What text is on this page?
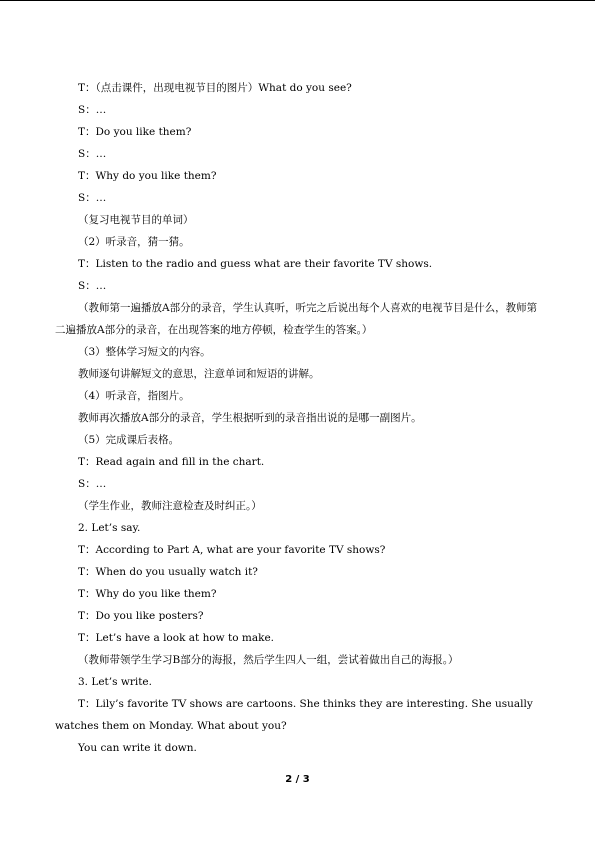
T：（点击课件，出现电视节目的图片）What do you see?
S：…
T：Do you like them?
S：…
T：Why do you like them?
S：…
（复习电视节目的单词）
（2）听录音，猜一猜。
T：Listen to the radio and guess what are their favorite TV shows.
S：…
（教师第一遍播放A部分的录音，学生认真听，听完之后说出每个人喜欢的电视节目是什么，教师第二遍播放A部分的录音，在出现答案的地方停顿，检查学生的答案。）
（3）整体学习短文的内容。
教师逐句讲解短文的意思，注意单词和短语的讲解。
（4）听录音，指图片。
教师再次播放A部分的录音，学生根据听到的录音指出说的是哪一副图片。
（5）完成课后表格。
T：Read again and fill in the chart.
S：…
（学生作业，教师注意检查及时纠正。）
2. Let’s say.
T：According to Part A, what are your favorite TV shows?
T：When do you usually watch it?
T：Why do you like them?
T：Do you like posters?
T：Let’s have a look at how to make.
（教师带领学生学习B部分的海报，然后学生四人一组，尝试着做出自己的海报。）
3. Let’s write.
T：Lily’s favorite TV shows are cartoons. She thinks they are interesting. She usually watches them on Monday. What about you?
You can write it down.
2 / 3
